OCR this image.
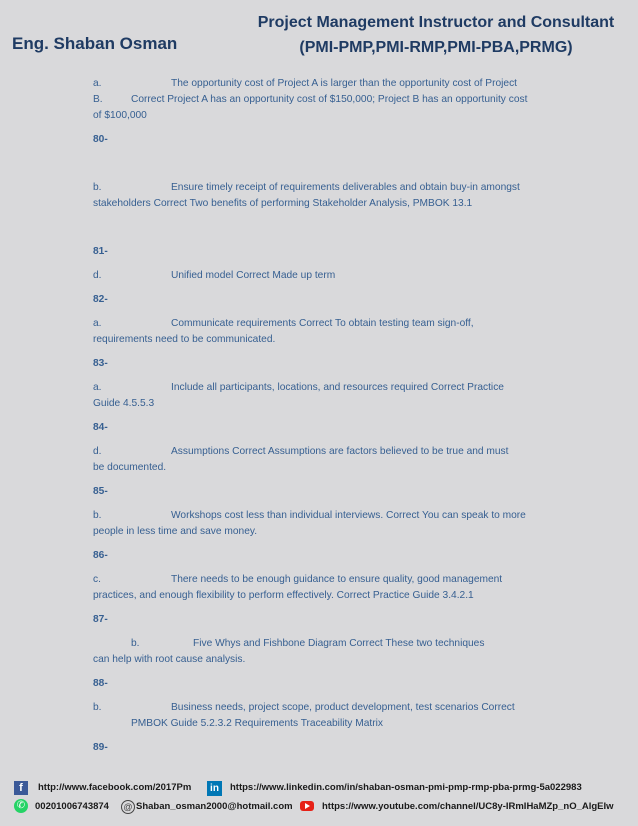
Eng. Shaban Osman
Project Management Instructor and Consultant
(PMI-PMP,PMI-RMP,PMI-PBA,PRMG)
a.	The opportunity cost of Project A is larger than the opportunity cost of Project
B.	Correct Project A has an opportunity cost of $150,000; Project B has an opportunity cost
of $100,000
80-
b.	Ensure timely receipt of requirements deliverables and obtain buy-in amongst
stakeholders Correct Two benefits of performing Stakeholder Analysis, PMBOK 13.1
81-
d.	Unified model Correct Made up term
82-
a.	Communicate requirements Correct To obtain testing team sign-off,
requirements need to be communicated.
83-
a.	Include all participants, locations, and resources required Correct Practice
Guide 4.5.5.3
84-
d.	Assumptions Correct Assumptions are factors believed to be true and must
be documented.
85-
b.	Workshops cost less than individual interviews. Correct You can speak to more
people in less time and save money.
86-
c.	There needs to be enough guidance to ensure quality, good management
practices, and enough flexibility to perform effectively. Correct Practice Guide 3.4.2.1
87-
b.	Five Whys and Fishbone Diagram Correct These two techniques
can help with root cause analysis.
88-
b.	Business needs, project scope, product development, test scenarios Correct
PMBOK Guide 5.2.3.2 Requirements Traceability Matrix
89-
f	http://www.facebook.com/2017Pm	in	https://www.linkedin.com/in/shaban-osman-pmi-pmp-rmp-pba-prmg-5a022983
✆ 00201006743874 @ Shaban_osman2000@hotmail.com	https://www.youtube.com/channel/UC8y-IRmIHaMZp_nO_AlgEIw
